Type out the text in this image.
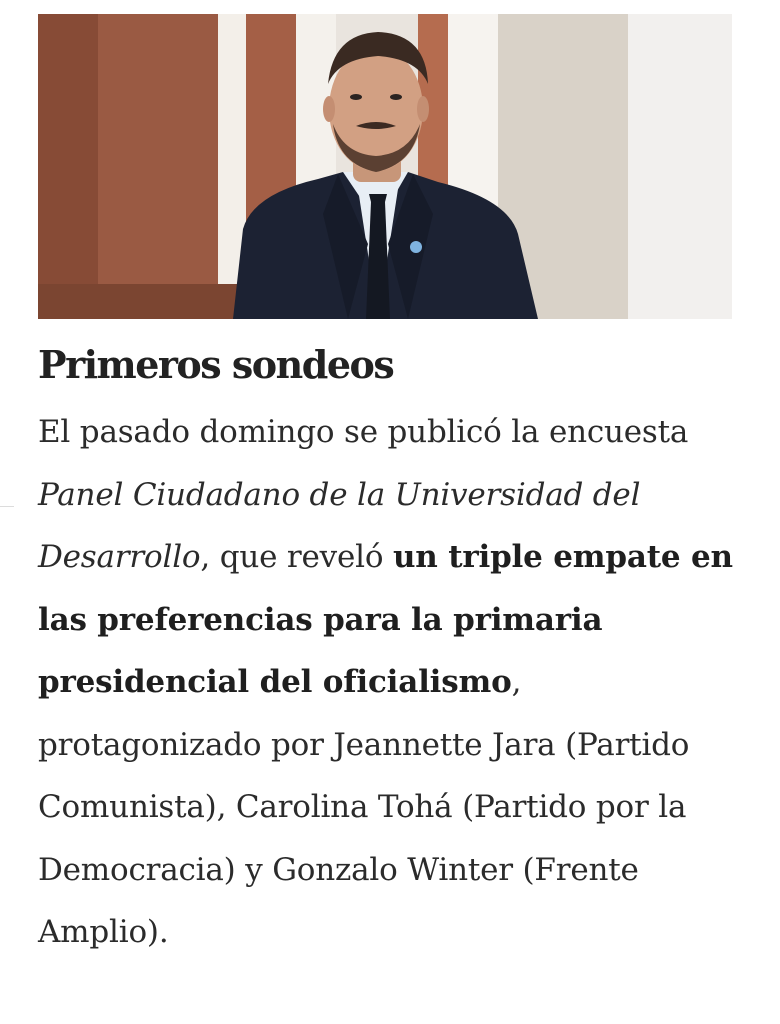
Primeros sondeos

El pasado domingo se publicó la encuesta Panel Ciudadano de la Universidad del Desarrollo, que reveló un triple empate en las preferencias para la primaria presidencial del oficialismo, protagonizado por Jeannette Jara (Partido Comunista), Carolina Tohá (Partido por la Democracia) y Gonzalo Winter (Frente Amplio).
